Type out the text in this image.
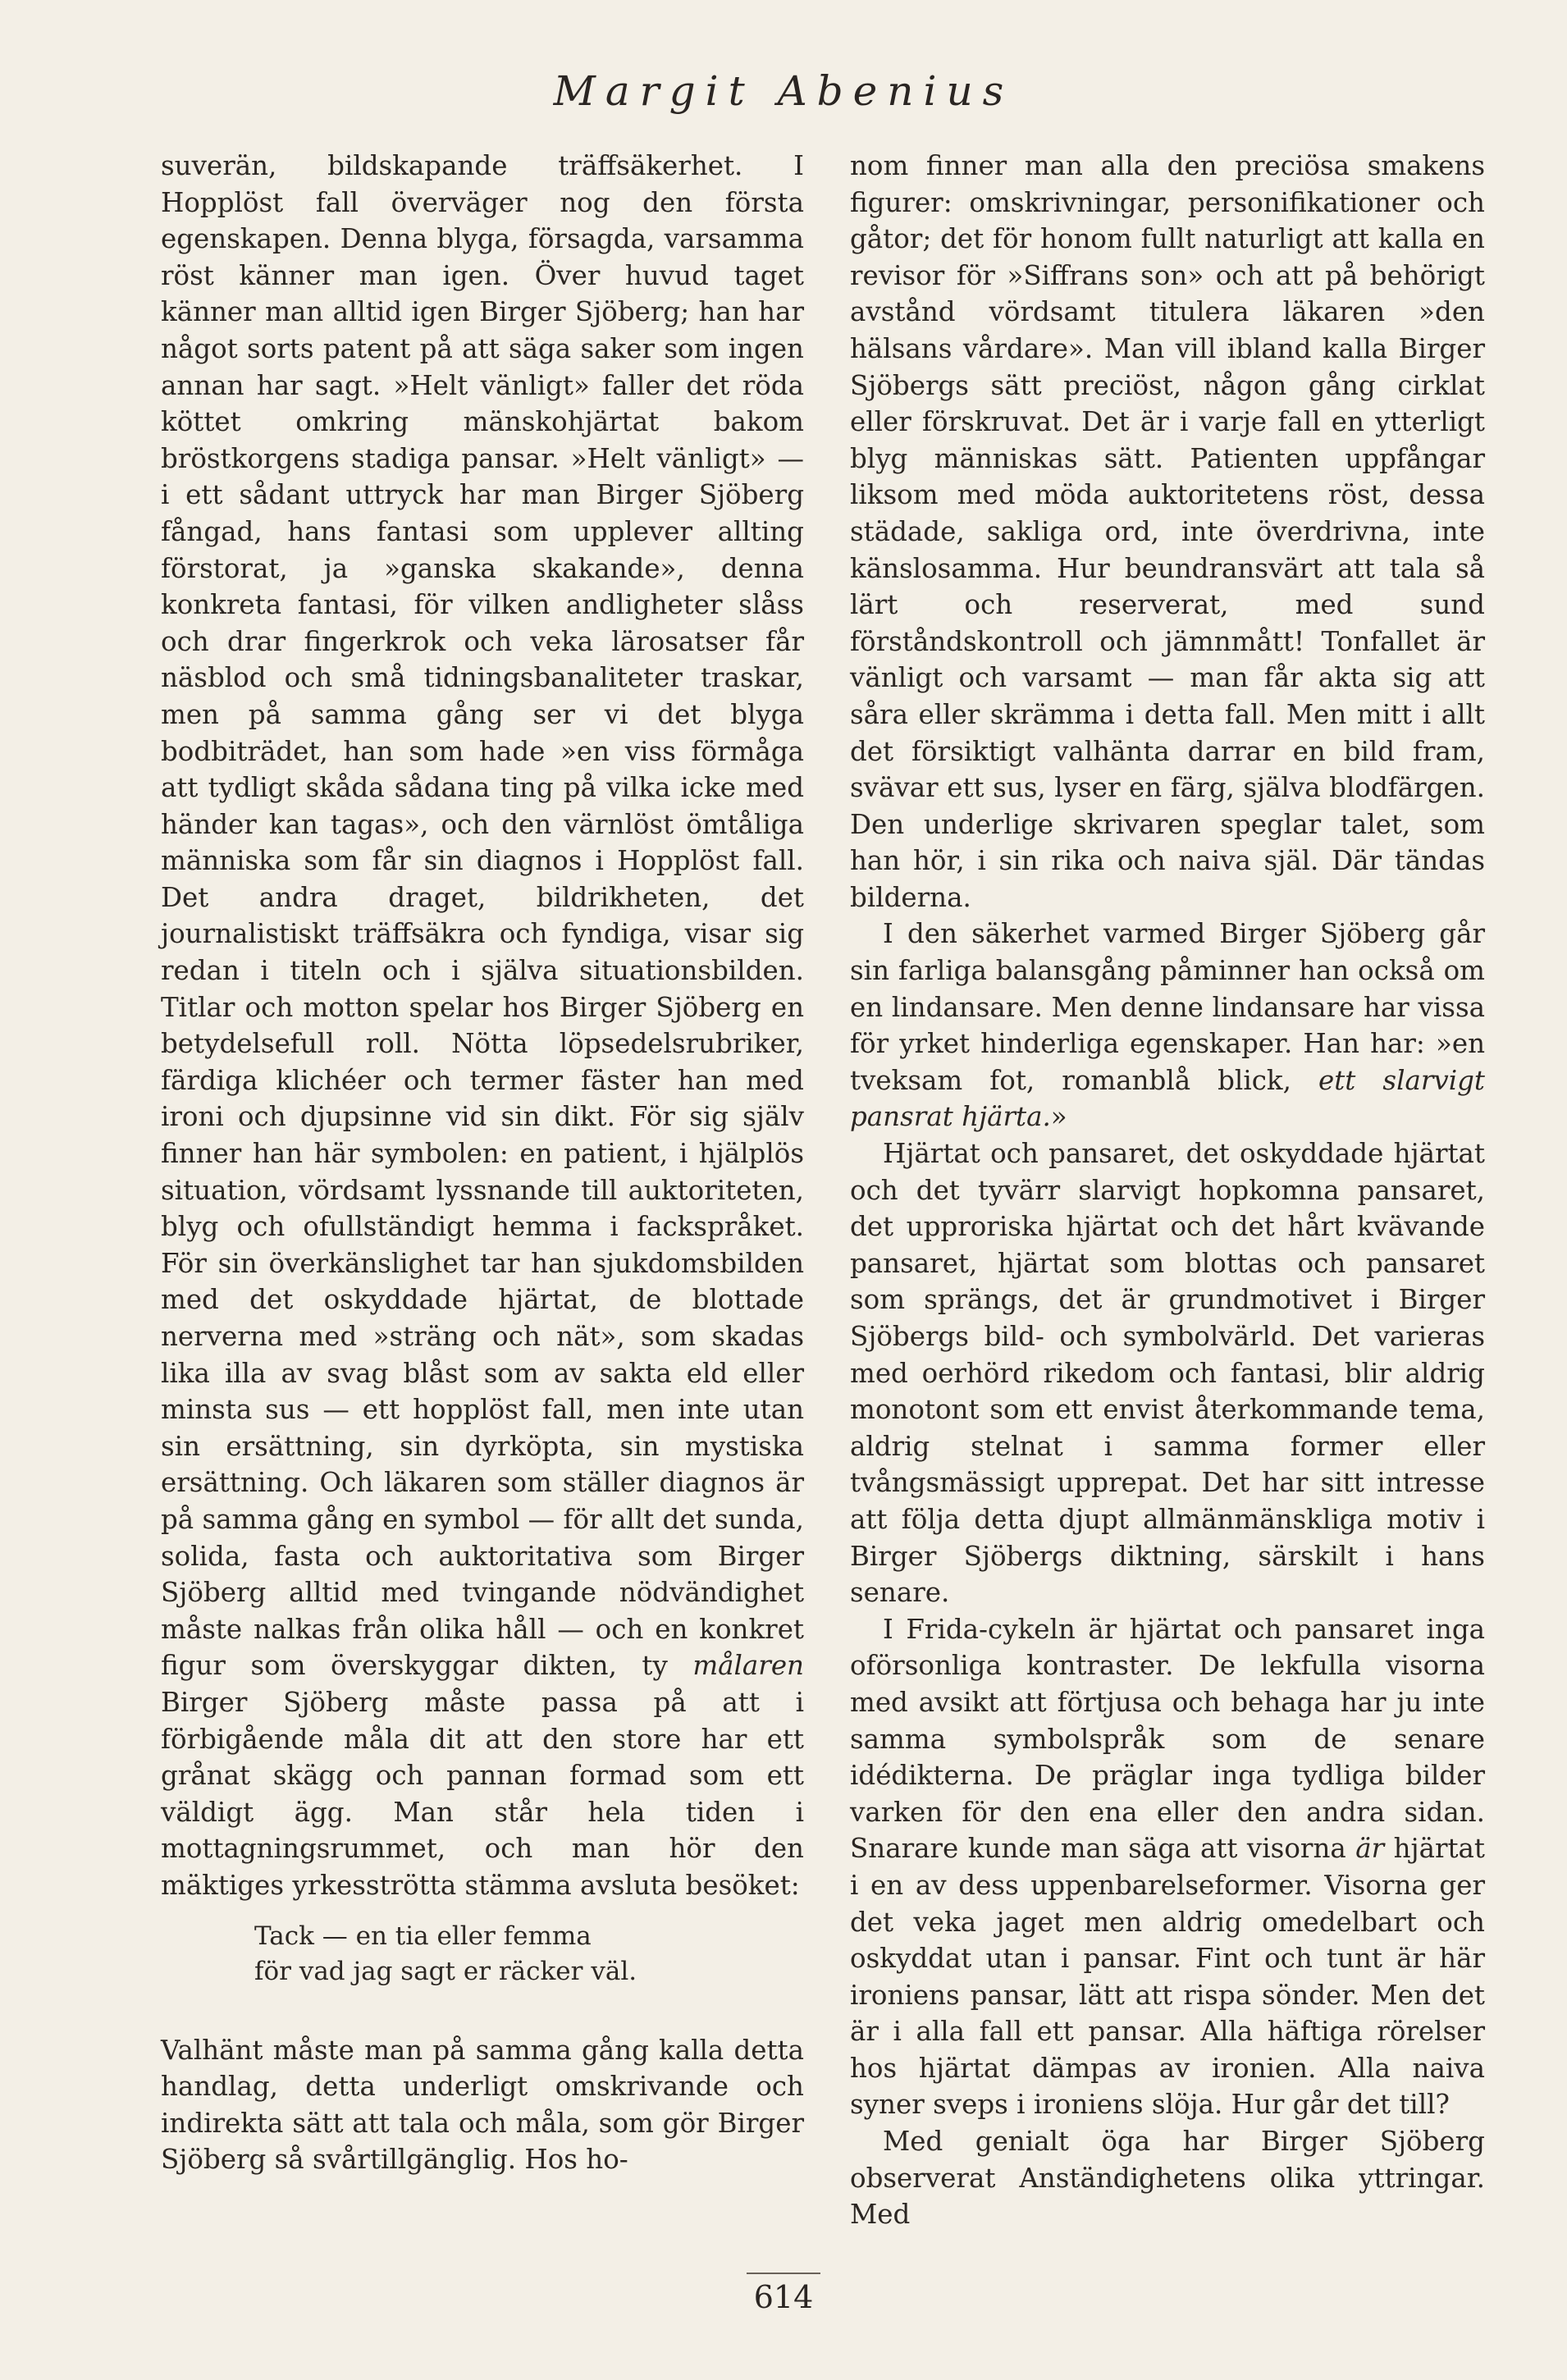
Margit Abenius

suverän, bildskapande träffsäkerhet. I Hopplöst fall överväger nog den första egenskapen. Denna blyga, försagda, varsamma röst känner man igen. Över huvud taget känner man alltid igen Birger Sjöberg; han har något sorts patent på att säga saker som ingen annan har sagt. »Helt vänligt» faller det röda köttet omkring mänskohjärtat bakom bröstkorgens stadiga pansar. »Helt vänligt» — i ett sådant uttryck har man Birger Sjöberg fångad, hans fantasi som upplever allting förstorat, ja »ganska skakande», denna konkreta fantasi, för vilken andligheter slåss och drar fingerkrok och veka lärosatser får näsblod och små tidningsbanaliteter traskar, men på samma gång ser vi det blyga bodbiträdet, han som hade »en viss förmåga att tydligt skåda sådana ting på vilka icke med händer kan tagas», och den värnlöst ömtåliga människa som får sin diagnos i Hopplöst fall. Det andra draget, bildrikheten, det journalistiskt träffsäkra och fyndiga, visar sig redan i titeln och i själva situationsbilden. Titlar och motton spelar hos Birger Sjöberg en betydelsefull roll. Nötta löpsedelsrubriker, färdiga klichéer och termer fäster han med ironi och djupsinne vid sin dikt. För sig själv finner han här symbolen: en patient, i hjälplös situation, vördsamt lyssnande till auktoriteten, blyg och ofullständigt hemma i fackspråket. För sin överkänslighet tar han sjukdomsbilden med det oskyddade hjärtat, de blottade nerverna med »sträng och nät», som skadas lika illa av svag blåst som av sakta eld eller minsta sus — ett hopplöst fall, men inte utan sin ersättning, sin dyrköpta, sin mystiska ersättning. Och läkaren som ställer diagnos är på samma gång en symbol — för allt det sunda, solida, fasta och auktoritativa som Birger Sjöberg alltid med tvingande nödvändighet måste nalkas från olika håll — och en konkret figur som överskyggar dikten, ty målaren Birger Sjöberg måste passa på att i förbigående måla dit att den store har ett grånat skägg och pannan formad som ett väldigt ägg. Man står hela tiden i mottagningsrummet, och man hör den mäktiges yrkesströtta stämma avsluta besöket:

Tack — en tia eller femma
för vad jag sagt er räcker väl.

Valhänt måste man på samma gång kalla detta handlag, detta underligt omskrivande och indirekta sätt att tala och måla, som gör Birger Sjöberg så svårtillgänglig. Hos ho-

nom finner man alla den preciösa smakens figurer: omskrivningar, personifikationer och gåtor; det för honom fullt naturligt att kalla en revisor för »Siffrans son» och att på behörigt avstånd vördsamt titulera läkaren »den hälsans vårdare». Man vill ibland kalla Birger Sjöbergs sätt preciöst, någon gång cirklat eller förskruvat. Det är i varje fall en ytterligt blyg människas sätt. Patienten uppfångar liksom med möda auktoritetens röst, dessa städade, sakliga ord, inte överdrivna, inte känslosamma. Hur beundransvärt att tala så lärt och reserverat, med sund förståndskontroll och jämnmått! Tonfallet är vänligt och varsamt — man får akta sig att såra eller skrämma i detta fall. Men mitt i allt det försiktigt valhänta darrar en bild fram, svävar ett sus, lyser en färg, själva blodfärgen. Den underlige skrivaren speglar talet, som han hör, i sin rika och naiva själ. Där tändas bilderna.

I den säkerhet varmed Birger Sjöberg går sin farliga balansgång påminner han också om en lindansare. Men denne lindansare har vissa för yrket hinderliga egenskaper. Han har: »en tveksam fot, romanblå blick, ett slarvigt pansrat hjärta.»

Hjärtat och pansaret, det oskyddade hjärtat och det tyvärr slarvigt hopkomna pansaret, det upproriska hjärtat och det hårt kvävande pansaret, hjärtat som blottas och pansaret som sprängs, det är grundmotivet i Birger Sjöbergs bild- och symbolvärld. Det varieras med oerhörd rikedom och fantasi, blir aldrig monotont som ett envist återkommande tema, aldrig stelnat i samma former eller tvångsmässigt upprepat. Det har sitt intresse att följa detta djupt allmänmänskliga motiv i Birger Sjöbergs diktning, särskilt i hans senare.

I Frida-cykeln är hjärtat och pansaret inga oförsonliga kontraster. De lekfulla visorna med avsikt att förtjusa och behaga har ju inte samma symbolspråk som de senare idédikterna. De präglar inga tydliga bilder varken för den ena eller den andra sidan. Snarare kunde man säga att visorna är hjärtat i en av dess uppenbarelseformer. Visorna ger det veka jaget men aldrig omedelbart och oskyddat utan i pansar. Fint och tunt är här ironiens pansar, lätt att rispa sönder. Men det är i alla fall ett pansar. Alla häftiga rörelser hos hjärtat dämpas av ironien. Alla naiva syner sveps i ironiens slöja. Hur går det till?

Med genialt öga har Birger Sjöberg observerat Anständighetens olika yttringar. Med

614
